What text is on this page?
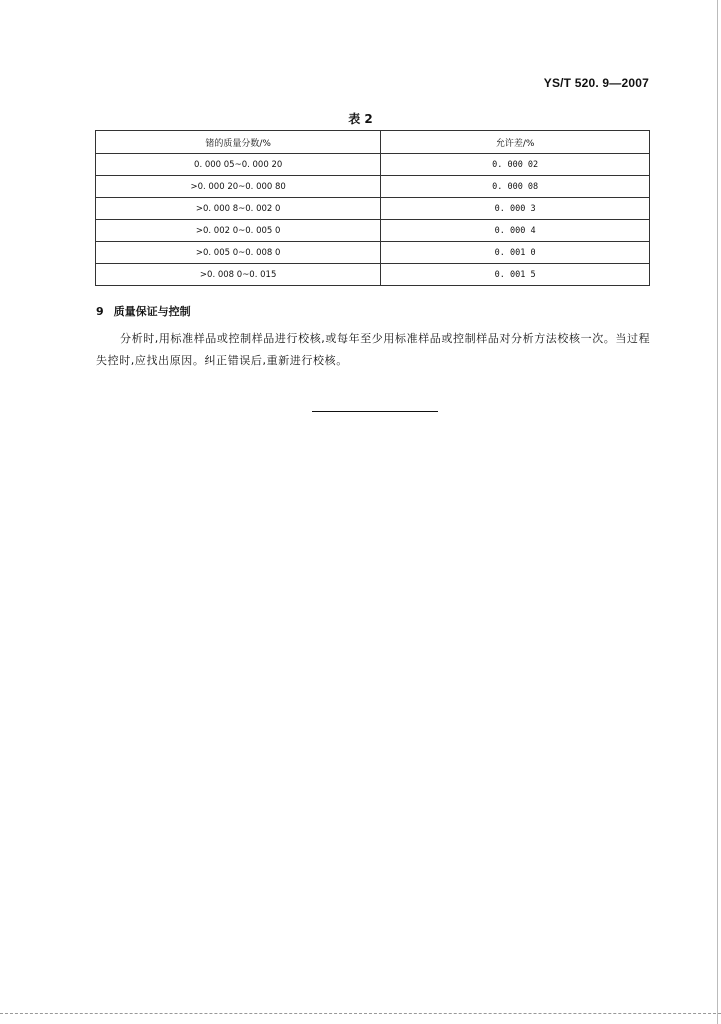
YS/T 520. 9—2007
表 2
锗的质量分数/%	允许差/%
0. 000 05~0. 000 20	0. 000 02
>0. 000 20~0. 000 80	0. 000 08
>0. 000 8~0. 002 0	0. 000 3
>0. 002 0~0. 005 0	0. 000 4
>0. 005 0~0. 008 0	0. 001 0
>0. 008 0~0. 015	0. 001 5
9 质量保证与控制
分析时,用标准样品或控制样品进行校核,或每年至少用标准样品或控制样品对分析方法校核一次。当过程失控时,应找出原因。纠正错误后,重新进行校核。
